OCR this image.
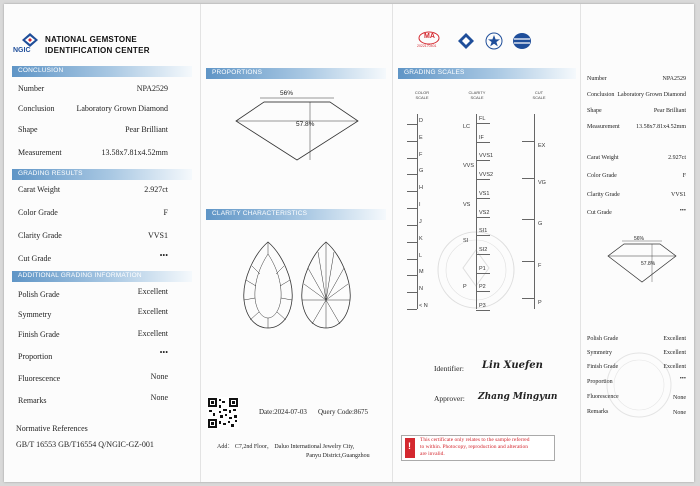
NGIC
NATIONAL GEMSTONE
IDENTIFICATION CENTER
CONCLUSION
Number	NPA2529
Conclusion	Laboratory Grown Diamond
Shape	Pear Brilliant
Measurement	13.58x7.81x4.52mm
GRADING RESULTS
Carat Weight	2.927ct
Color Grade	F
Clarity Grade	VVS1
Cut Grade	•••
ADDITIONAL GRADING INFORMATION
Polish Grade	Excellent
Symmetry	Excellent
Finish Grade	Excellent
Proportion	•••
Fluorescence	None
Remarks	None
Normative References
GB/T 16553 GB/T16554 Q/NGIC-GZ-001
PROPORTIONS
56%
57.8%
CLARITY CHARACTERISTICS
Date:2024-07-03 Query Code:8675
Add： C7,2nd Floor， Daluo International Jewelry City,
Panyu District,Guangzhou
MA
2022170401
GRADING SCALES
COLOR
SCALE
CLARITY
SCALE
CUT
SCALE
Identifier: Lin Xuefen
Approver: Zhang Mingyun
!
This certificate only relates to the sample referred
to within. Photocopy, reproduction and alteration
are invalid.
Number	NPA2529
Conclusion Laboratory Grown Diamond
Shape	Pear Brilliant
Measurement	13.58x7.81x4.52mm
Carat Weight	2.927ct
Color Grade	F
Clarity Grade	VVS1
Cut Grade	•••
56%
57.8%
Polish Grade	Excellent
Symmetry	Excellent
Finish Grade	Excellent
Proportion	•••
Fluorescence	None
Remarks	None
D
E
F
G
H
I
J
K
L
M
N
< N
FL
IF
VVS1
VVS2
VS1
VS2
SI1
SI2
P1
P2
P3
LC
VVS
VS
SI
P
EX
VG
G
F
P
